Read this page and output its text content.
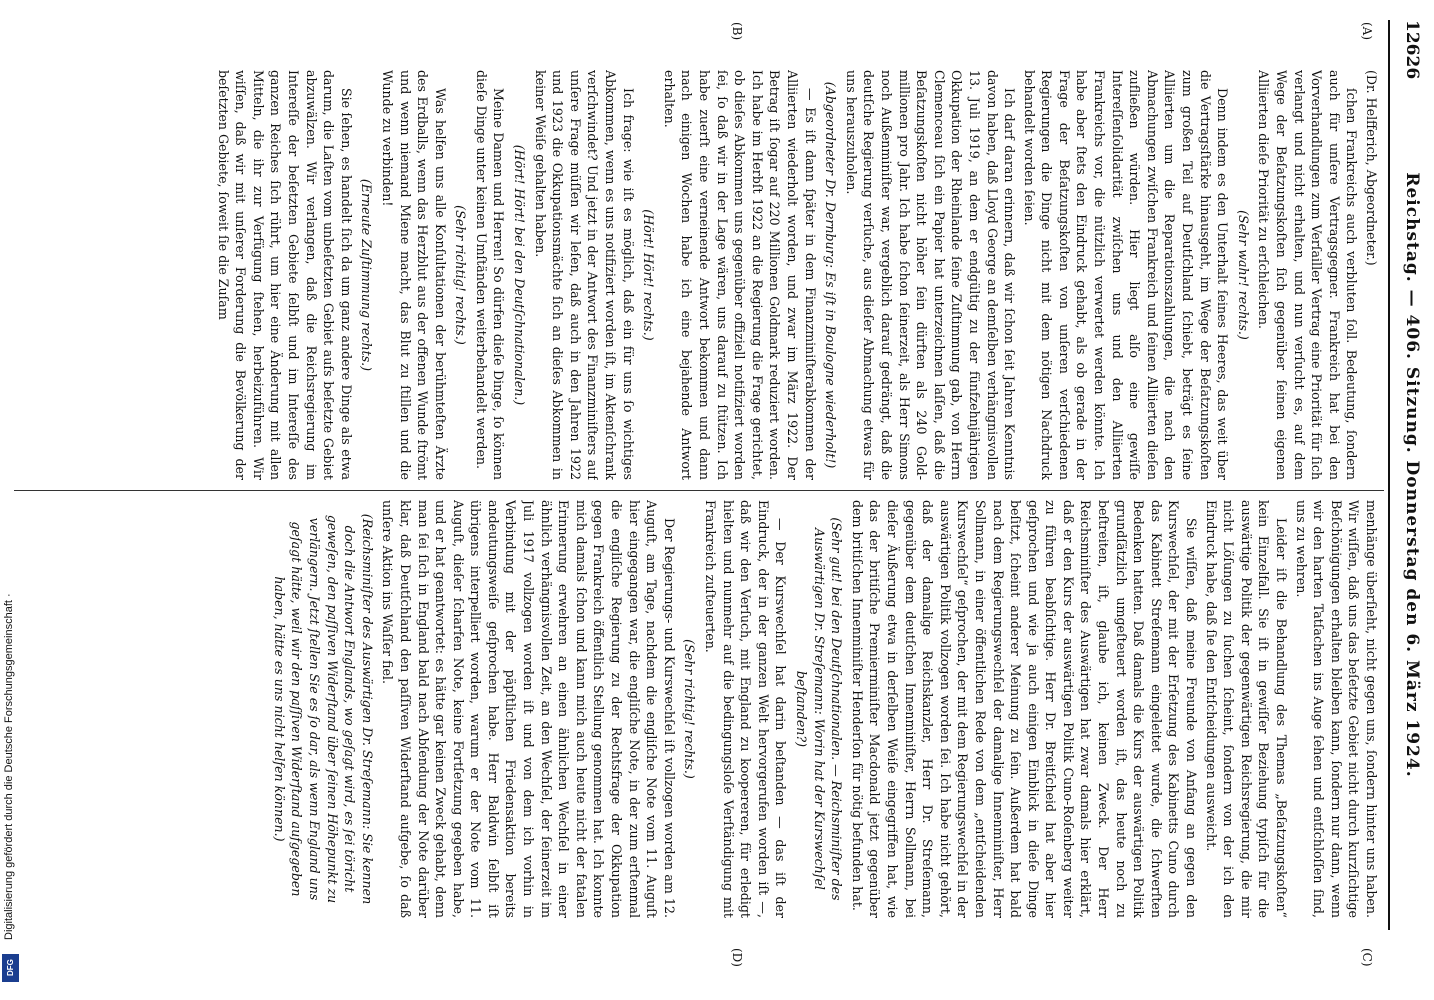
12626
Reichstag. — 406. Sitzung. Donnerstag den 6. März 1924.
(A)
(B)
(C)
(D)

(Dr. Helfferich, Abgeordneter.)

ſchen Frankreichs auch verbluten ſoll. Bedeutung, ſondern auch für unſere Vertragsgegner. Frankreich hat bei den Vorverhandlungen zum Verſailler Vertrag eine Priorität für ſich verlangt und nicht erhalten, und nun verſucht es, auf dem Wege der Beſatzungskoſten ſich gegenüber ſeinen eigenen Alliierten dieſe Priorität zu erſchleichen.

(Sehr wahr! rechts.)

Denn indem es den Unterhalt ſeines Heeres, das weit über die Vertragsſtärke hinausgeht, im Wege der Beſatzungskoſten zum großen Teil auf Deutſchland ſchiebt, beträgt es ſeine Alliierten um die Reparationszahlungen, die nach den Abmachungen zwiſchen Frankreich und ſeinen Alliierten dieſen zufließen würden. Hier liegt alſo eine gewiſſe Intereſſenſolidarität zwiſchen uns und den Alliierten Frankreichs vor, die nützlich verwertet werden könnte. Ich habe aber ſtets den Eindruck gehabt, als ob gerade in der Frage der Beſatzungskoſten von unſeren verſchiedenen Regierungen die Dinge nicht mit dem nötigen Nachdruck behandelt worden ſeien.

Ich darf daran erinnern, daß wir ſchon ſeit Jahren Kenntnis davon haben, daß Lloyd George an demſelben verhängnisvollen 13. Juli 1919, an dem er endgültig zu der fünfzehnjährigen Okkupation der Rheinlande ſeine Zuſtimmung gab, von Herrn Clemenceau ſich ein Papier hat unterzeichnen laſſen, daß die Beſatzungskoſten nicht höher ſein dürften als 240 Goldmillionen pro Jahr. Ich habe ſchon ſeinerzeit, als Herr Simons noch Außenminiſter war, vergeblich darauf gedrängt, daß die deutſche Regierung verſuche, aus dieſer Abmachung etwas für uns herauszuholen.

(Abgeordneter Dr. Dernburg: Es iſt in Boulogne wiederholt!)

— Es iſt dann ſpäter in dem Finanzminiſterabkommen der Alliierten wiederholt worden, und zwar im März 1922. Der Betrag iſt ſogar auf 220 Millionen Goldmark reduziert worden. Ich habe im Herbſt 1922 an die Regierung die Frage gerichtet, ob dieſes Abkommen uns gegenüber offiziell notifiziert worden ſei, ſo daß wir in der Lage wären, uns darauf zu ſtützen. Ich habe zuerſt eine verneinende Antwort bekommen und dann nach einigen Wochen habe ich eine bejahende Antwort erhalten.

(Hört! Hört! rechts.)

Ich frage: wie iſt es möglich, daß ein für uns ſo wichtiges Abkommen, wenn es uns notifiziert worden iſt, im Aktenſchrank verſchwindet? Und jetzt in der Antwort des Finanzminiſters auf unſere Frage müſſen wir leſen, daß auch in den Jahren 1922 und 1923 die Okkupationsmächte ſich an dieſes Abkommen in keiner Weiſe gehalten haben.

(Hört! Hört! bei den Deutſchnationalen.)

Meine Damen und Herren! So dürfen dieſe Dinge, ſo können dieſe Dinge unter keinen Umſtänden weiterbehandelt werden.

(Sehr richtig! rechts.)

Was helfen uns alle Konſultationen der berühmteſten Ärzte des Erdballs, wenn das Herzblut aus der offenen Wunde ſtrömt und wenn niemand Miene macht, das Blut zu ſtillen und die Wunde zu verbinden!

(Erneute Zuſtimmung rechts.)

Sie ſehen, es handelt ſich da um ganz andere Dinge als etwa darum, die Laſten vom unbeſetzten Gebiet aufs beſetzte Gebiet abzuwälzen. Wir verlangen, daß die Reichsregierung im Intereſſe der beſetzten Gebiete ſelbſt und im Intereſſe des ganzen Reiches ſich rührt, um hier eine Änderung mit allen Mitteln, die ihr zur Verfügung ſtehen, herbeizuführen. Wir wiſſen, daß wir mit unſerer Forderung die Bevölkerung der beſetzten Gebiete, ſoweit ſie die Zuſam

menhänge überſieht, nicht gegen uns, ſondern hinter uns haben. Wir wiſſen, daß uns das beſetzte Gebiet nicht durch kurzſichtige Beſchönigungen erhalten bleiben kann, ſondern nur dann, wenn wir den harten Tatſachen ins Auge ſehen und entſchloſſen ſind, uns zu wehren.

Leider iſt die Behandlung des Themas „Beſatzungskoſten“ kein Einzelfall. Sie iſt in gewiſſer Beziehung typiſch für die auswärtige Politik der gegenwärtigen Reichsregierung, die mir nicht Löſungen zu ſuchen ſcheint, ſondern von der ich den Eindruck habe, daß ſie den Entſcheidungen ausweicht.

Sie wiſſen, daß meine Freunde von Anfang an gegen den Kurswechſel, der mit der Erſetzung des Kabinetts Cuno durch das Kabinett Streſemann eingeleitet wurde, die ſchwerſten Bedenken hatten. Daß damals die Kurs der auswärtigen Politik grundſätzlich umgeſteuert worden iſt, das heute noch zu beſtreiten, iſt, glaube ich, keinen Zweck. Der Herr Reichsminiſter des Auswärtigen hat zwar damals hier erklärt, daß er den Kurs der auswärtigen Politik Cuno-Roſenberg weiter zu führen beabſichtige. Herr Dr. Breitſcheid hat aber hier geſprochen und wie ja auch einigen Einblick in dieſe Dinge beſitzt, ſcheint anderer Meinung zu ſein. Außerdem hat bald nach dem Regierungswechſel der damalige Innenminiſter, Herr Sollmann, in einer öffentlichen Rede von dem „entſcheidenden Kurswechſel“ geſprochen, der mit dem Regierungswechſel in der auswärtigen Politik vollzogen worden ſei. Ich habe nicht gehört, daß der damalige Reichskanzler, Herr Dr. Streſemann, gegenüber dem deutſchen Innenminiſter, Herrn Sollmann, bei dieſer Äußerung etwa in derſelben Weiſe eingegriffen hat, wie das der britiſche Premierminiſter Macdonald jetzt gegenüber dem britiſchen Innenminiſter Henderſon für nötig befunden hat.

(Sehr gut! bei den Deutſchnationalen. — Reichsminiſter des Auswärtigen Dr. Streſemann: Worin hat der Kurswechſel beſtanden?)

— Der Kurswechſel hat darin beſtanden — das iſt der Eindruck, der in der ganzen Welt hervorgerufen worden iſt —, daß wir den Verſuch, mit England zu koopereren, für erledigt hielten und nunmehr auf die bedingungsloſe Verſtändigung mit Frankreich zuſteuerten.

(Sehr richtig! rechts.)

Der Regierungs- und Kurswechſel iſt vollzogen worden am 12. Auguſt, am Tage, nachdem die engliſche Note vom 11. Auguſt hier eingegangen war, die engliſche Note, in der zum erſtenmal die engliſche Regierung zu der Rechtsfrage der Okkupation gegen Frankreich öffentlich Stellung genommen hat. Ich konnte mich damals ſchon und kann mich auch heute nicht der fatalen Erinnerung erwehren an einen ähnlichen Wechſel in einer ähnlich verhängnisvollen Zeit, an den Wechſel, der ſeinerzeit im Juli 1917 vollzogen worden iſt und von dem ich vorhin in Verbindung mit der päpſtlichen Friedensaktion bereits andeutungsweiſe geſprochen habe. Herr Baldwin ſelbſt iſt übrigens interpelliert worden, warum er der Note vom 11. Auguſt, dieſer ſcharfen Note, keine Fortſetzung gegeben habe, und er hat geantwortet: es hätte gar keinen Zweck gehabt, denn man ſei ſich in England bald nach Abſendung der Note darüber klar, daß Deutſchland den paſſiven Widerſtand aufgebe, ſo daß unſere Aktion ins Waſſer fiel.

(Reichsminiſter des Auswärtigen Dr. Streſemann: Sie kennen doch die Antwort Englands, wo geſagt wird, es ſei töricht geweſen, den paſſiven Widerſtand über ſeinen Höhepunkt zu verlängern. Jetzt ſtellen Sie es ſo dar, als wenn England uns geſagt hätte, weil wir den paſſiven Widerſtand aufgegeben haben, hätte es uns nicht helfen können.)

Digitalisierung gefördert durch die Deutsche Forschungsgemeinschaft ·
DFG
